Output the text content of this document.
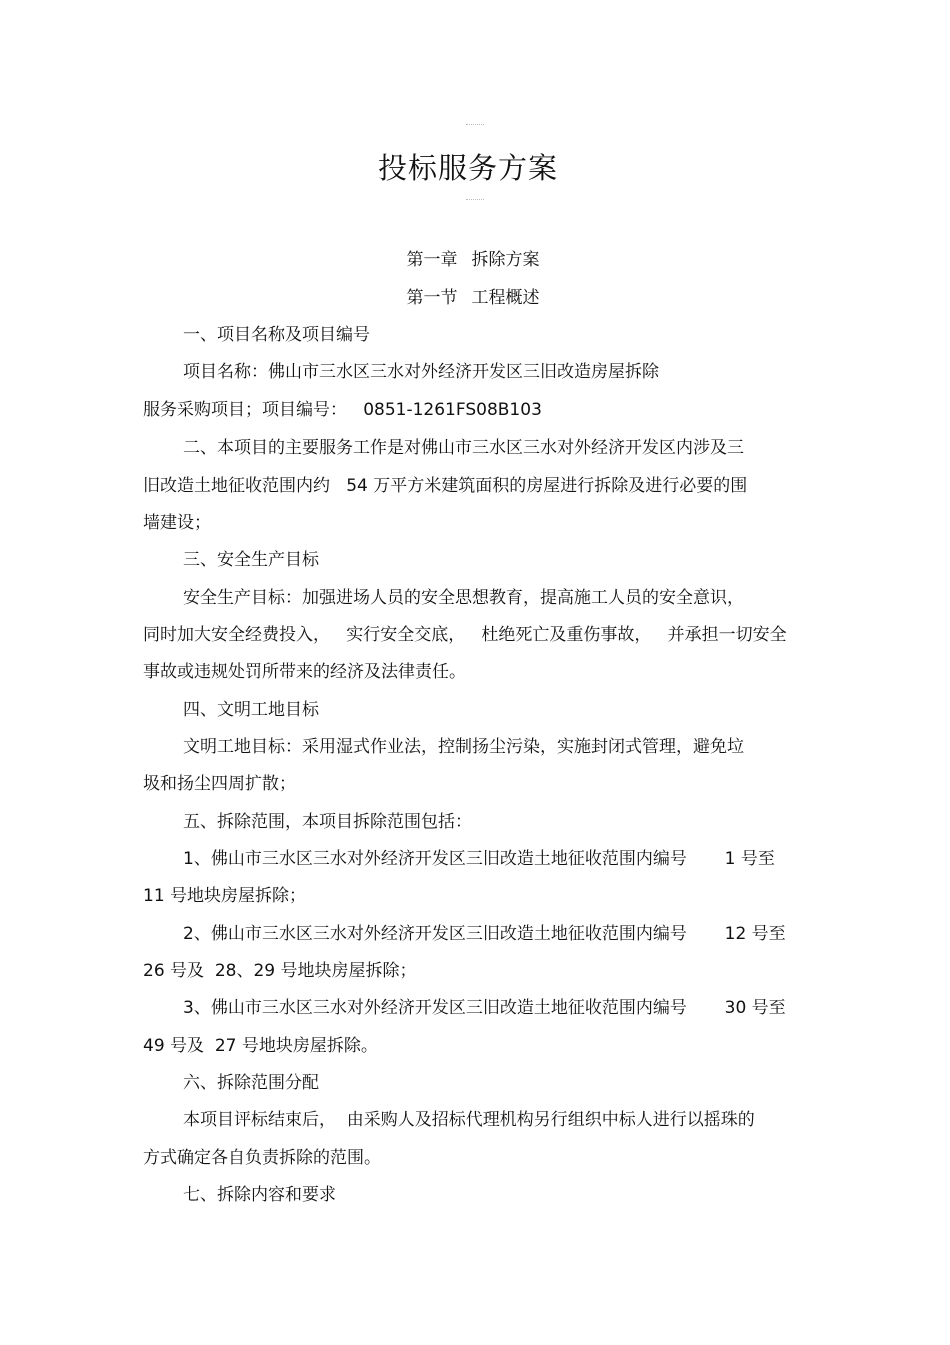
投标服务方案

第一章 拆除方案

第一节 工程概述

一、项目名称及项目编号

项目名称：佛山市三水区三水对外经济开发区三旧改造房屋拆除

服务采购项目；项目编号：   0851-1261FS08B103

二、本项目的主要服务工作是对佛山市三水区三水对外经济开发区内涉及三

旧改造土地征收范围内约   54 万平方米建筑面积的房屋进行拆除及进行必要的围

墙建设；

三、安全生产目标

安全生产目标：加强进场人员的安全思想教育，提高施工人员的安全意识，

同时加大安全经费投入，   实行安全交底，   杜绝死亡及重伤事故，   并承担一切安全

事故或违规处罚所带来的经济及法律责任。

四、文明工地目标

文明工地目标：采用湿式作业法，控制扬尘污染，实施封闭式管理，避免垃

圾和扬尘四周扩散；

五、拆除范围，本项目拆除范围包括：

1、佛山市三水区三水对外经济开发区三旧改造土地征收范围内编号       1 号至

11 号地块房屋拆除；

2、佛山市三水区三水对外经济开发区三旧改造土地征收范围内编号       12 号至

26 号及  28、29 号地块房屋拆除；

3、佛山市三水区三水对外经济开发区三旧改造土地征收范围内编号       30 号至

49 号及  27 号地块房屋拆除。

六、拆除范围分配

本项目评标结束后，  由采购人及招标代理机构另行组织中标人进行以摇珠的

方式确定各自负责拆除的范围。

七、拆除内容和要求
